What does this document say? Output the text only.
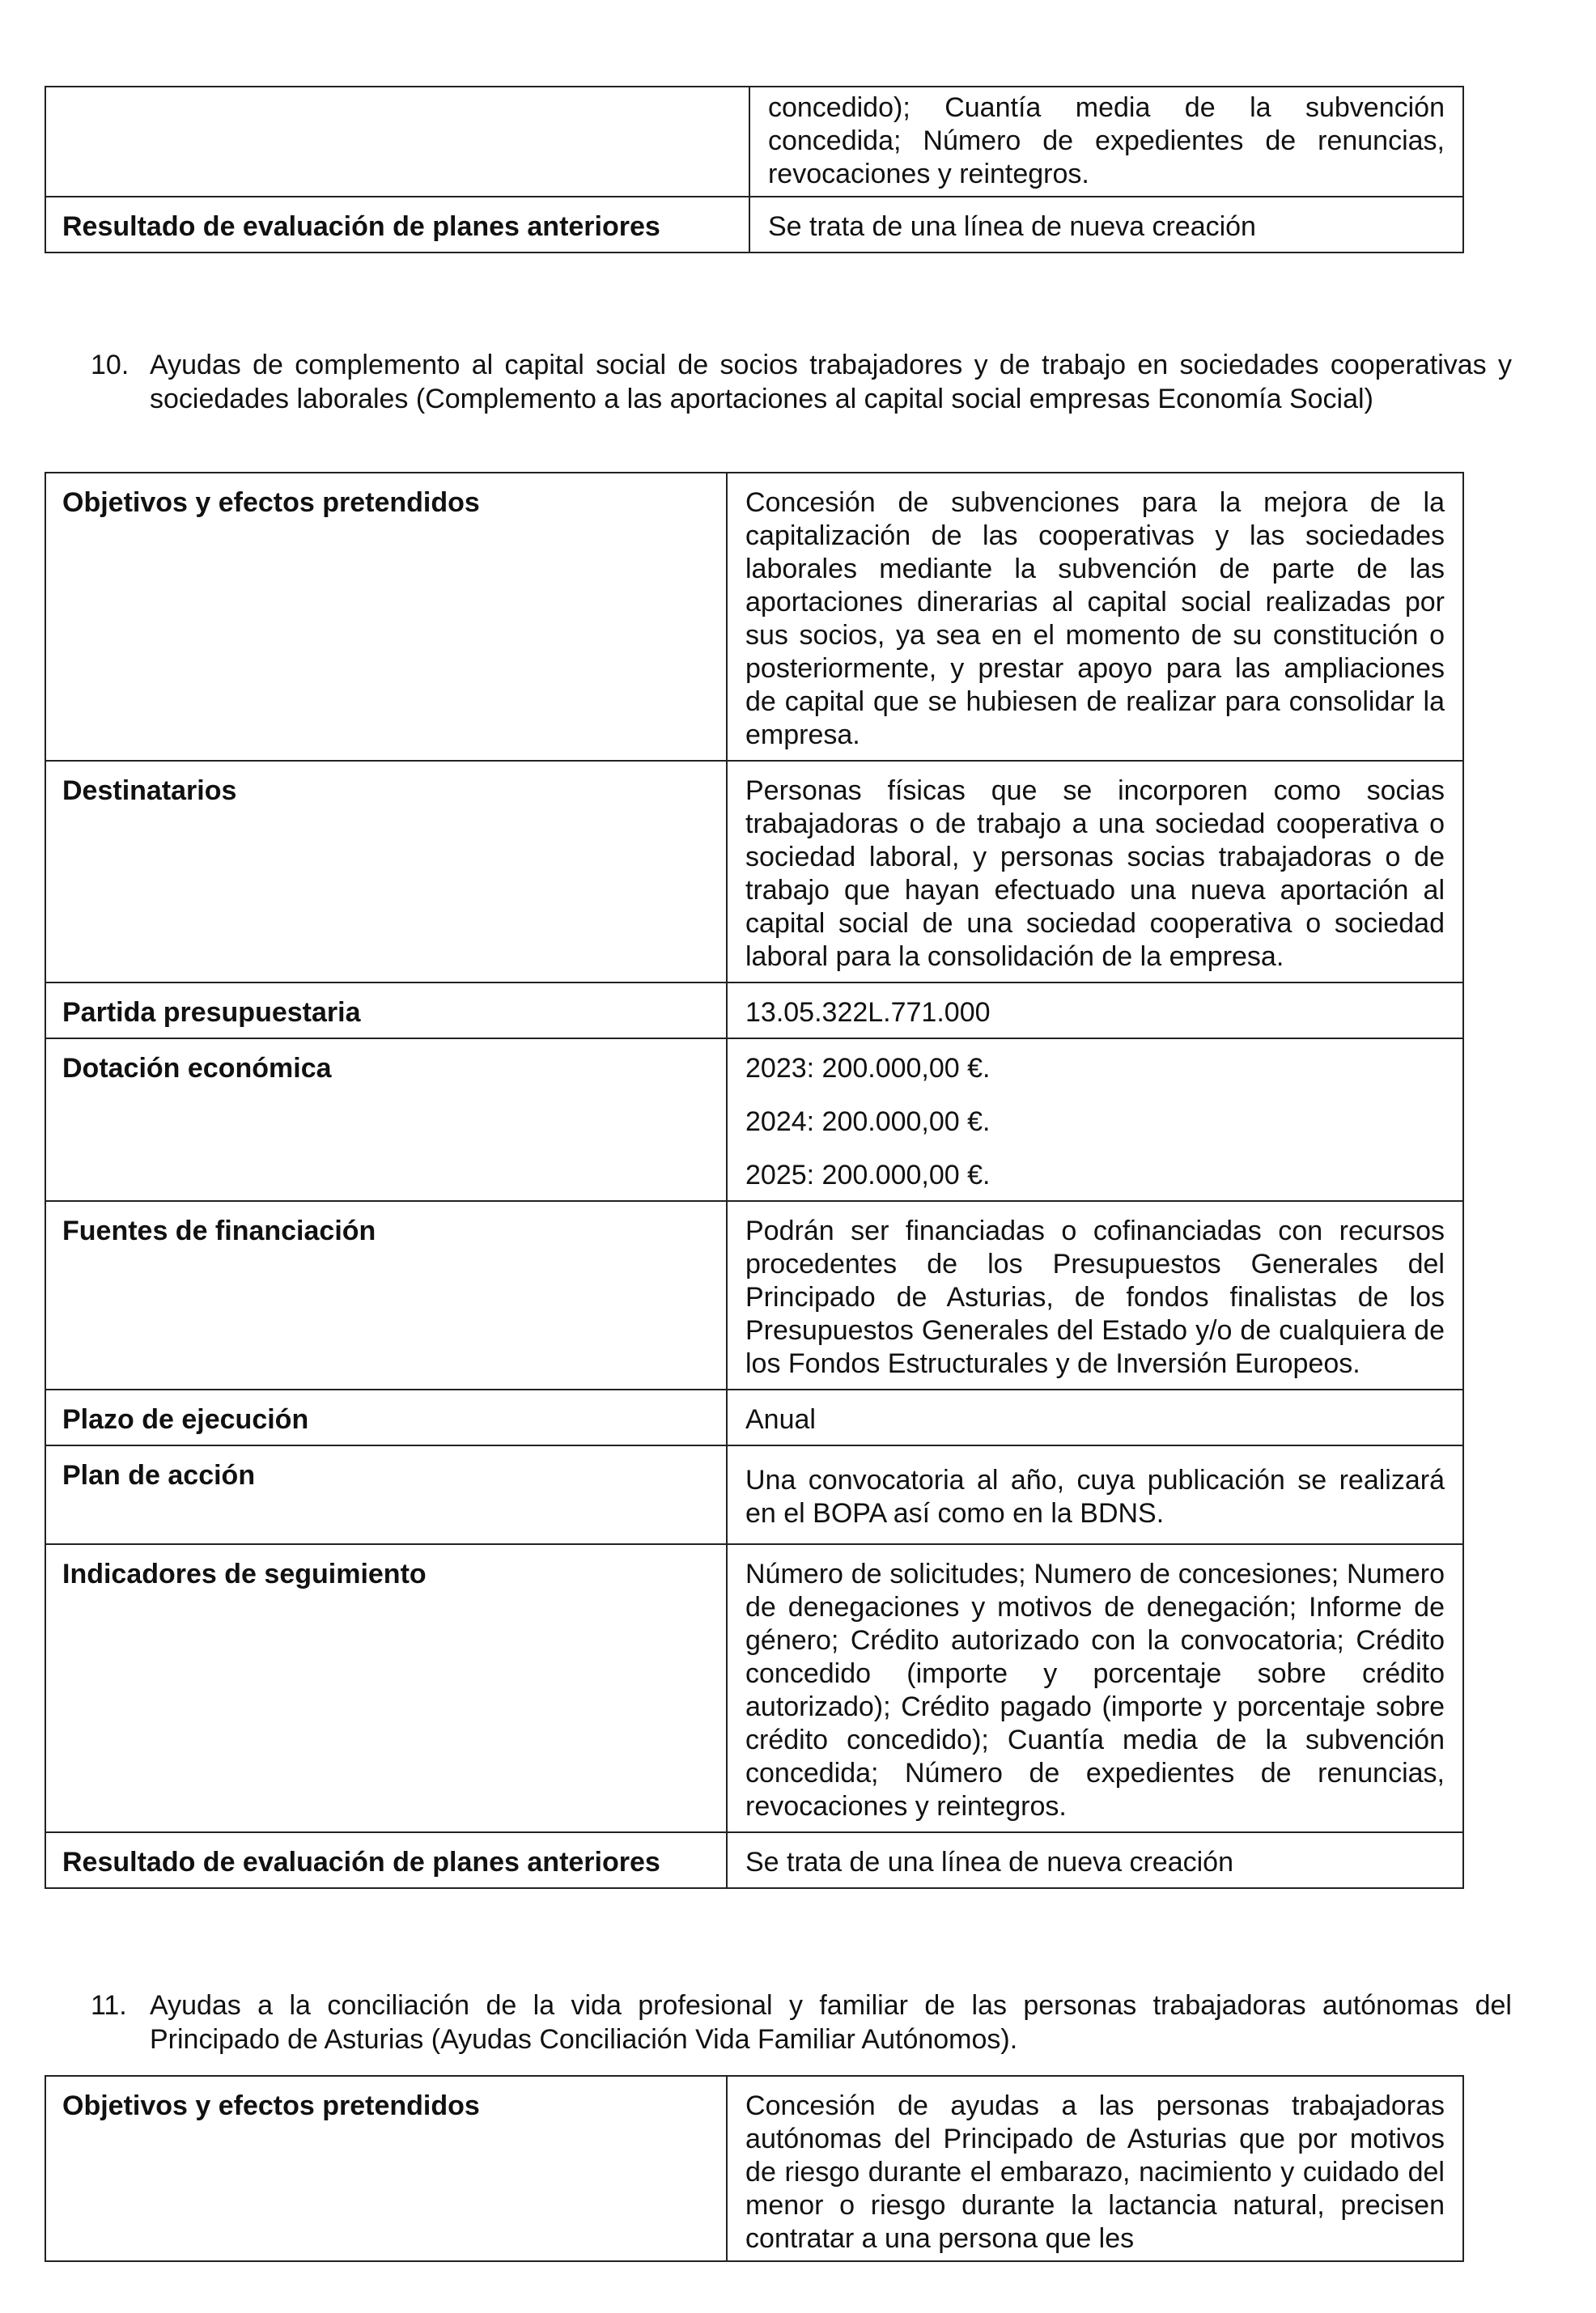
	concedido); Cuantía media de la subvención concedida; Número de expedientes de renuncias, revocaciones y reintegros.

Resultado de evaluación de planes anteriores	Se trata de una línea de nueva creación
10. Ayudas de complemento al capital social de socios trabajadores y de trabajo en sociedades cooperativas y sociedades laborales (Complemento a las aportaciones al capital social empresas Economía Social)
Objetivos y efectos pretendidos	Concesión de subvenciones para la mejora de la capitalización de las cooperativas y las sociedades laborales mediante la subvención de parte de las aportaciones dinerarias al capital social realizadas por sus socios, ya sea en el momento de su constitución o posteriormente, y prestar apoyo para las ampliaciones de capital que se hubiesen de realizar para consolidar la empresa.

Destinatarios	Personas físicas que se incorporen como socias trabajadoras o de trabajo a una sociedad cooperativa o sociedad laboral, y personas socias trabajadoras o de trabajo que hayan efectuado una nueva aportación al capital social de una sociedad cooperativa o sociedad laboral para la consolidación de la empresa.

Partida presupuestaria	13.05.322L.771.000
Dotación económica	2023: 200.000,00 €.
2024: 200.000,00 €.
2025: 200.000,00 €.

Fuentes de financiación	Podrán ser financiadas o cofinanciadas con recursos procedentes de los Presupuestos Generales del Principado de Asturias, de fondos finalistas de los Presupuestos Generales del Estado y/o de cualquiera de los Fondos Estructurales y de Inversión Europeos.

Plazo de ejecución	Anual
Plan de acción	Una convocatoria al año, cuya publicación se realizará en el BOPA así como en la BDNS.

Indicadores de seguimiento	Número de solicitudes; Numero de concesiones; Numero de denegaciones y motivos de denegación; Informe de género; Crédito autorizado con la convocatoria; Crédito concedido (importe y porcentaje sobre crédito autorizado); Crédito pagado (importe y porcentaje sobre crédito concedido); Cuantía media de la subvención concedida; Número de expedientes de renuncias, revocaciones y reintegros.

Resultado de evaluación de planes anteriores	Se trata de una línea de nueva creación
11. Ayudas a la conciliación de la vida profesional y familiar de las personas trabajadoras autónomas del Principado de Asturias (Ayudas Conciliación Vida Familiar Autónomos).
Objetivos y efectos pretendidos	Concesión de ayudas a las personas trabajadoras autónomas del Principado de Asturias que por motivos de riesgo durante el embarazo, nacimiento y cuidado del menor o riesgo durante la lactancia natural, precisen contratar a una persona que les
